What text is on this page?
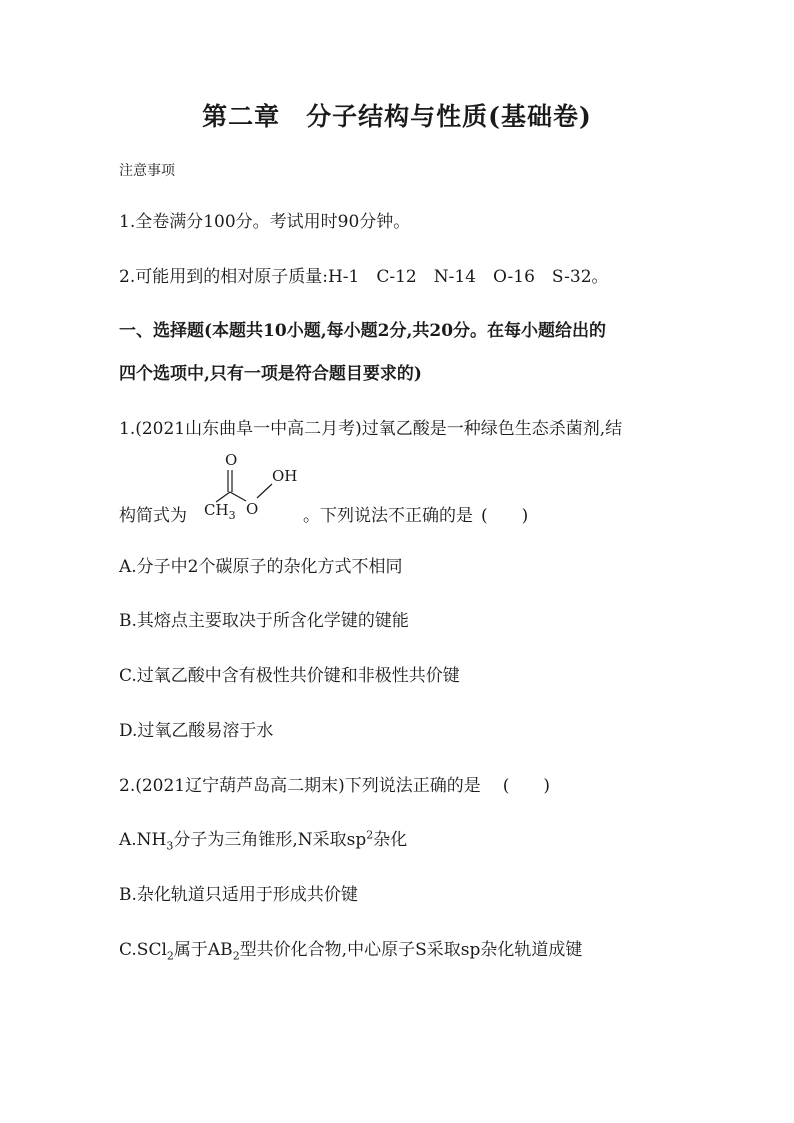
第二章　分子结构与性质(基础卷)
注意事项
1.全卷满分100分。考试用时90分钟。
2.可能用到的相对原子质量:H-1　C-12　N-14　O-16　S-32。
一、选择题(本题共10小题,每小题2分,共20分。在每小题给出的
四个选项中,只有一项是符合题目要求的)
1.(2021山东曲阜一中高二月考)过氧乙酸是一种绿色生态杀菌剂,结
O
OH
$CH_3$ O
构简式为	。下列说法不正确的是 (　　)
A.分子中2个碳原子的杂化方式不相同
B.其熔点主要取决于所含化学键的键能
C.过氧乙酸中含有极性共价键和非极性共价键
D.过氧乙酸易溶于水
2.(2021辽宁葫芦岛高二期末)下列说法正确的是 (　　)
$A.NH_3$分子为三角锥形,N采取$sp^2$杂化
B.杂化轨道只适用于形成共价键
C.SCl$_2$属于$AB_2$型共价化合物,中心原子S采取sp杂化轨道成键
